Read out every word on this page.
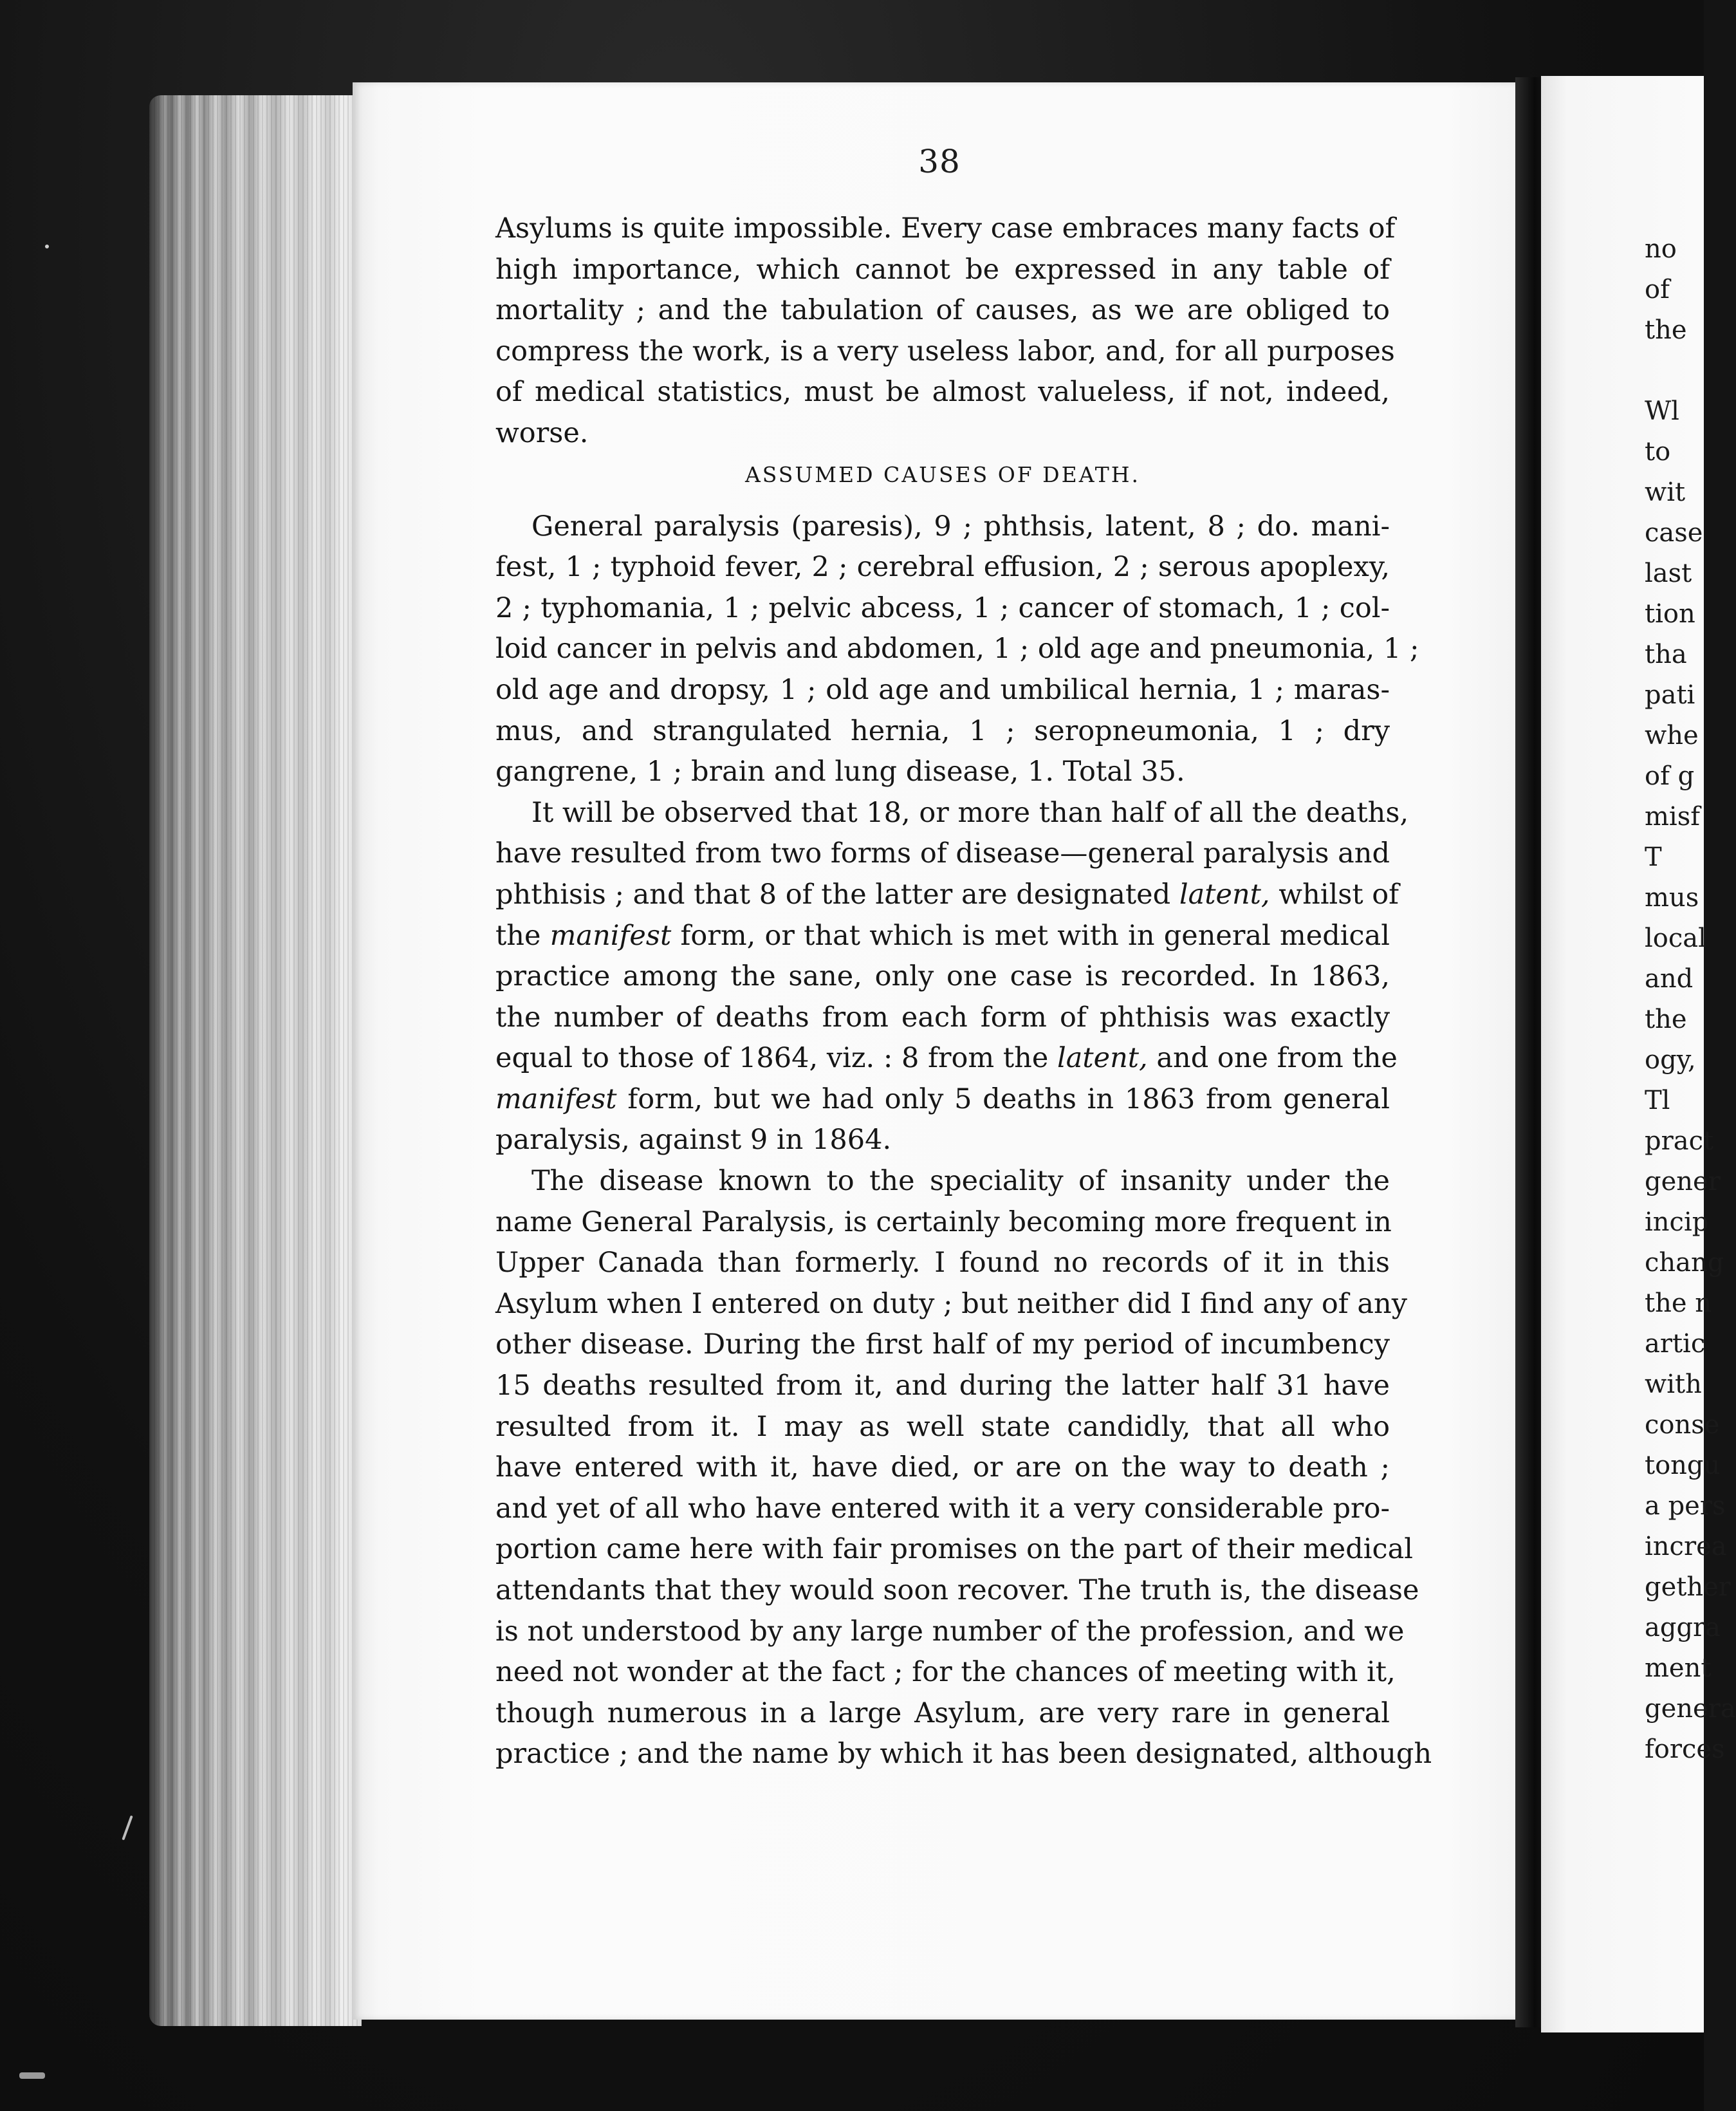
38
Asylums is quite impossible. Every case embraces many facts of
high importance, which cannot be expressed in any table of
mortality ; and the tabulation of causes, as we are obliged to
compress the work, is a very useless labor, and, for all purposes
of medical statistics, must be almost valueless, if not, indeed,
worse.
ASSUMED CAUSES OF DEATH.
General paralysis (paresis), 9 ; phthsis, latent, 8 ; do. mani-
fest, 1 ; typhoid fever, 2 ; cerebral effusion, 2 ; serous apoplexy,
2 ; typhomania, 1 ; pelvic abcess, 1 ; cancer of stomach, 1 ; col-
loid cancer in pelvis and abdomen, 1 ; old age and pneumonia, 1 ;
old age and dropsy, 1 ; old age and umbilical hernia, 1 ; maras-
mus, and strangulated hernia, 1 ; seropneumonia, 1 ; dry
gangrene, 1 ; brain and lung disease, 1. Total 35.
It will be observed that 18, or more than half of all the deaths,
have resulted from two forms of disease—general paralysis and
phthisis ; and that 8 of the latter are designated latent, whilst of
the manifest form, or that which is met with in general medical
practice among the sane, only one case is recorded. In 1863,
the number of deaths from each form of phthisis was exactly
equal to those of 1864, viz. : 8 from the latent, and one from the
manifest form, but we had only 5 deaths in 1863 from general
paralysis, against 9 in 1864.
The disease known to the speciality of insanity under the
name General Paralysis, is certainly becoming more frequent in
Upper Canada than formerly. I found no records of it in this
Asylum when I entered on duty ; but neither did I find any of any
other disease. During the first half of my period of incumbency
15 deaths resulted from it, and during the latter half 31 have
resulted from it. I may as well state candidly, that all who
have entered with it, have died, or are on the way to death ;
and yet of all who have entered with it a very considerable pro-
portion came here with fair promises on the part of their medical
attendants that they would soon recover. The truth is, the disease
is not understood by any large number of the profession, and we
need not wonder at the fact ; for the chances of meeting with it,
though numerous in a large Asylum, are very rare in general
practice ; and the name by which it has been designated, although
no
of
the

Wl
to
wit
case
last
tion
tha
pati
whe
of g
misf
T
mus
local
and
the
ogy,
Tl
pract
gener
incip
chang
the n
artic
with
conse
tongu
a pers
increa
gether
aggra
ment
genera
forces
